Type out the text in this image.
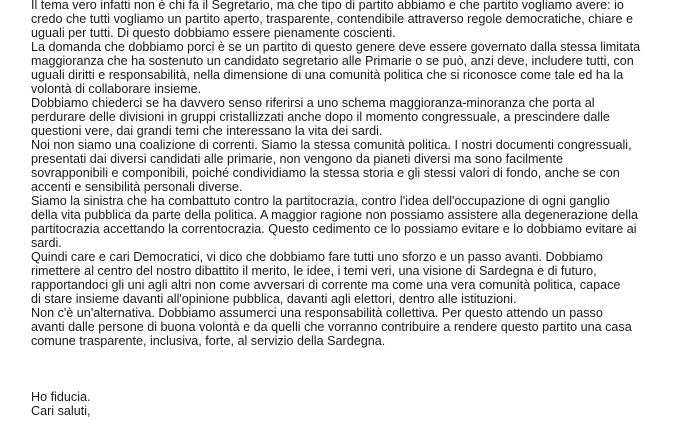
Il tema vero infatti non è chi fa il Segretario, ma che tipo di partito abbiamo e che partito vogliamo avere: io
credo che tutti vogliamo un partito aperto, trasparente, contendibile attraverso regole democratiche, chiare e
uguali per tutti. Di questo dobbiamo essere pienamente coscienti.
La domanda che dobbiamo porci è se un partito di questo genere deve essere governato dalla stessa limitata
maggioranza che ha sostenuto un candidato segretario alle Primarie o se può, anzi deve, includere tutti, con
uguali diritti e responsabilità, nella dimensione di una comunità politica che si riconosce come tale ed ha la
volontà di collaborare insieme.
Dobbiamo chiederci se ha davvero senso riferirsi a uno schema maggioranza-minoranza che porta al
perdurare delle divisioni in gruppi cristallizzati anche dopo il momento congressuale, a prescindere dalle
questioni vere, dai grandi temi che interessano la vita dei sardi.
Noi non siamo una coalizione di correnti. Siamo la stessa comunità politica. I nostri documenti congressuali,
presentati dai diversi candidati alle primarie, non vengono da pianeti diversi ma sono facilmente
sovrapponibili e componibili, poiché condividiamo la stessa storia e gli stessi valori di fondo, anche se con
accenti e sensibilità personali diverse.
Siamo la sinistra che ha combattuto contro la partitocrazia, contro l'idea dell'occupazione di ogni ganglio
della vita pubblica da parte della politica. A maggior ragione non possiamo assistere alla degenerazione della
partitocrazia accettando la correntocrazia. Questo cedimento ce lo possiamo evitare e lo dobbiamo evitare ai
sardi.
Quindi care e cari Democratici, vi dico che dobbiamo fare tutti uno sforzo e un passo avanti. Dobbiamo
rimettere al centro del nostro dibattito il merito, le idee, i temi veri, una visione di Sardegna e di futuro,
rapportandoci gli uni agli altri non come avversari di corrente ma come una vera comunità politica, capace
di stare insieme davanti all'opinione pubblica, davanti agli elettori, dentro alle istituzioni.
Non c'è un'alternativa. Dobbiamo assumerci una responsabilità collettiva. Per questo attendo un passo
avanti dalle persone di buona volontà e da quelli che vorranno contribuire a rendere questo partito una casa
comune trasparente, inclusiva, forte, al servizio della Sardegna.
Ho fiducia.
Cari saluti,
